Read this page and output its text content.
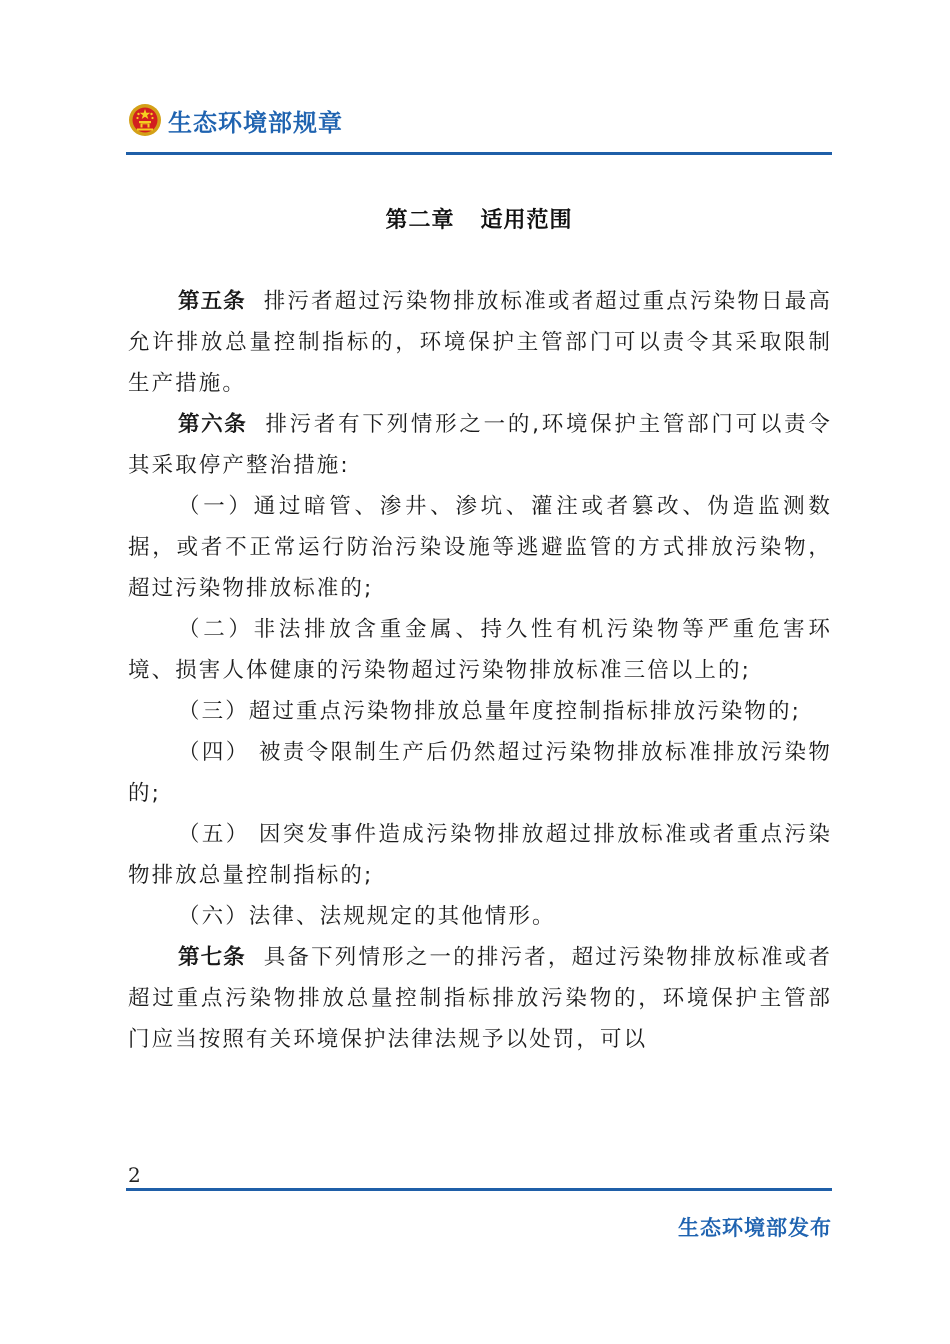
生态环境部规章
第二章 适用范围

第五条 排污者超过污染物排放标准或者超过重点污染物日最高允许排放总量控制指标的，环境保护主管部门可以责令其采取限制生产措施。

第六条 排污者有下列情形之一的,环境保护主管部门可以责令其采取停产整治措施:

（一）通过暗管、渗井、渗坑、灌注或者篡改、伪造监测数据，或者不正常运行防治污染设施等逃避监管的方式排放污染物，超过污染物排放标准的;

（二）非法排放含重金属、持久性有机污染物等严重危害环境、损害人体健康的污染物超过污染物排放标准三倍以上的;

（三）超过重点污染物排放总量年度控制指标排放污染物的;

（四） 被责令限制生产后仍然超过污染物排放标准排放污染物的;

（五） 因突发事件造成污染物排放超过排放标准或者重点污染物排放总量控制指标的;

（六）法律、法规规定的其他情形。

第七条 具备下列情形之一的排污者，超过污染物排放标准或者超过重点污染物排放总量控制指标排放污染物的，环境保护主管部门应当按照有关环境保护法律法规予以处罚，可以

2
生态环境部发布
